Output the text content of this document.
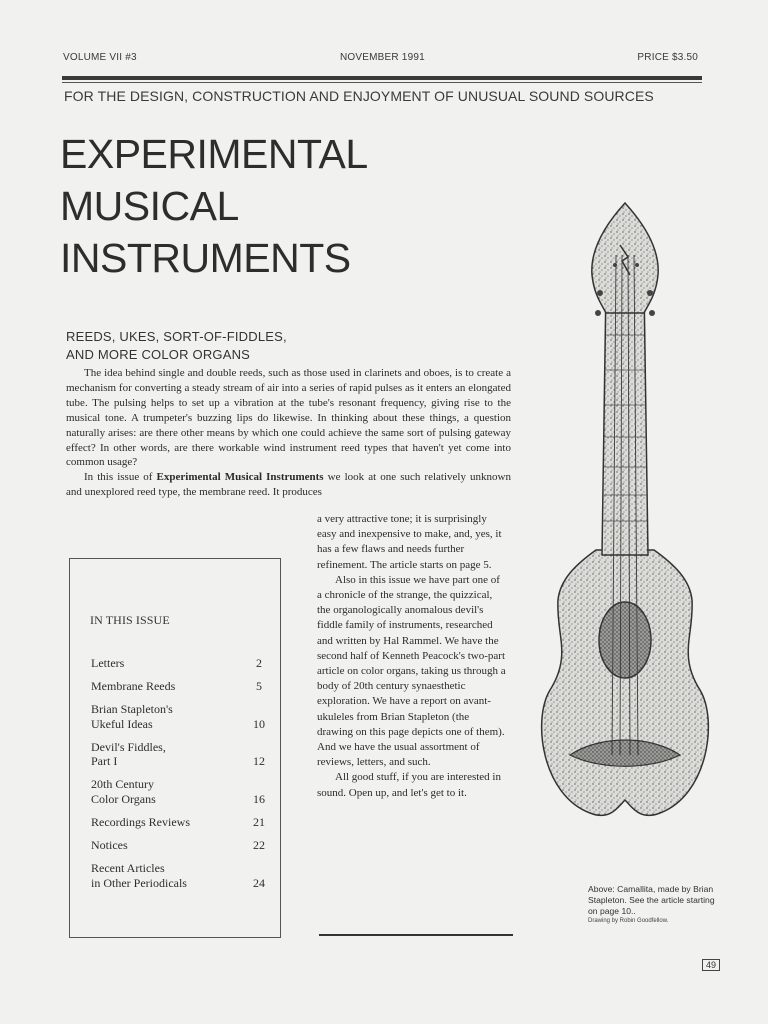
VOLUME VII #3	NOVEMBER 1991	PRICE $3.50
FOR THE DESIGN, CONSTRUCTION AND ENJOYMENT OF UNUSUAL SOUND SOURCES
EXPERIMENTAL
MUSICAL
INSTRUMENTS
REEDS, UKES, SORT-OF-FIDDLES,
AND MORE COLOR ORGANS

The idea behind single and double reeds, such as those used in clarinets and oboes, is to create a mechanism for converting a steady stream of air into a series of rapid pulses as it enters an elongated tube. The pulsing helps to set up a vibration at the tube's resonant frequency, giving rise to the musical tone. A trumpeter's buzzing lips do likewise. In thinking about these things, a question naturally arises: are there other means by which one could achieve the same sort of pulsing gateway effect? In other words, are there workable wind instrument reed types that haven't yet come into common usage?

In this issue of Experimental Musical Instruments we look at one such relatively unknown and unexplored reed type, the membrane reed. It produces

a very attractive tone; it is surprisingly easy and inexpensive to make, and, yes, it has a few flaws and needs further refinement. The article starts on page 5.

Also in this issue we have part one of a chronicle of the strange, the quizzical, the organologically anomalous devil's fiddle family of instruments, researched and written by Hal Rammel. We have the second half of Kenneth Peacock's two-part article on color organs, taking us through a body of 20th century synaesthetic exploration. We have a report on avant-ukuleles from Brian Stapleton (the drawing on this page depicts one of them). And we have the usual assortment of reviews, letters, and such.

All good stuff, if you are interested in sound. Open up, and let's get to it.

IN THIS ISSUE
Letters	2
Membrane Reeds	5
Brian Stapleton's
Ukeful Ideas	10
Devil's Fiddles,
Part I	12
20th Century
Color Organs	16
Recordings Reviews	21
Notices	22
Recent Articles
in Other Periodicals	24	Above: Camallita, made by Brian Stapleton. See the article starting on page 10..
Drawing by Robin Goodfellow.
49
